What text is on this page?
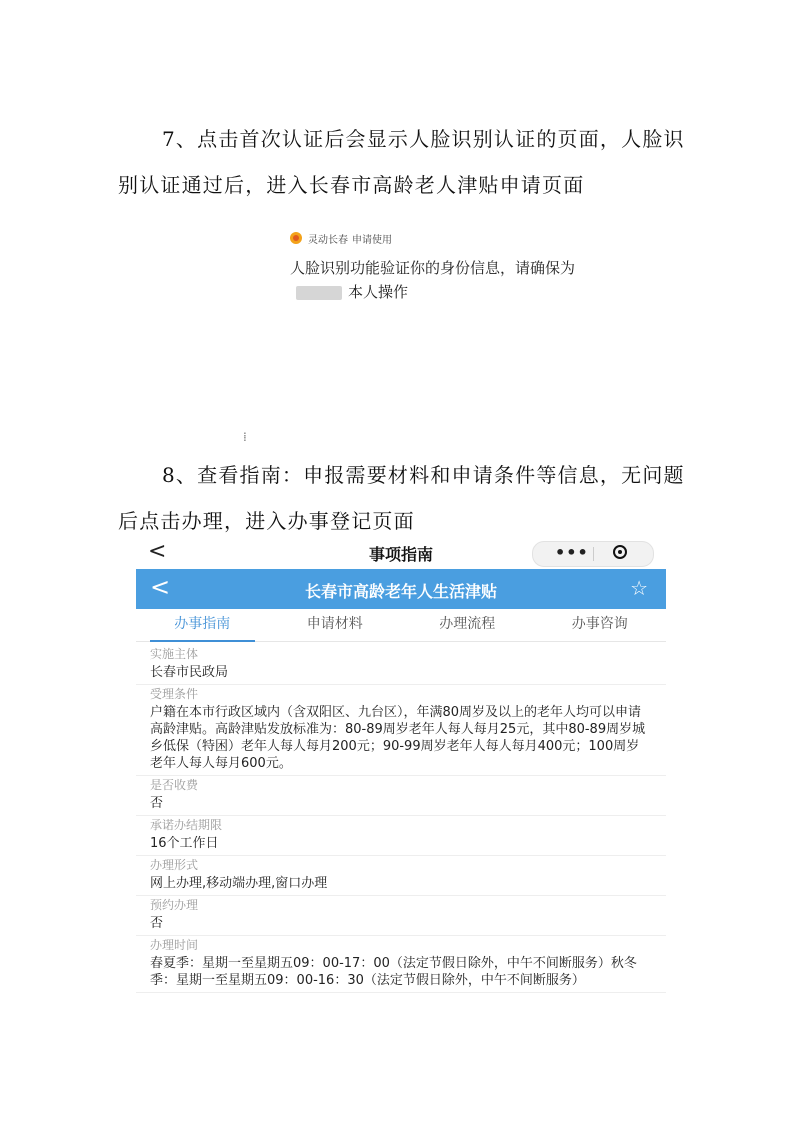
7、点击首次认证后会显示人脸识别认证的页面，人脸识别认证通过后，进入长春市高龄老人津贴申请页面

灵动长春 申请使用
人脸识别功能验证你的身份信息，请确保为本人操作
⁞

8、查看指南：申报需要材料和申请条件等信息，无问题后点击办理，进入办事登记页面

<	事项指南	•••
<	长春市高龄老年人生活津贴	☆
办事指南	申请材料	办理流程	办事咨询
实施主体
长春市民政局
受理条件
户籍在本市行政区域内（含双阳区、九台区），年满80周岁及以上的老年人均可以申请高龄津贴。高龄津贴发放标准为：80-89周岁老年人每人每月25元，其中80-89周岁城乡低保（特困）老年人每人每月200元；90-99周岁老年人每人每月400元；100周岁老年人每人每月600元。
是否收费
否
承诺办结期限
16个工作日
办理形式
网上办理,移动端办理,窗口办理
预约办理
否
办理时间
春夏季：星期一至星期五09：00-17：00（法定节假日除外，中午不间断服务）秋冬季：星期一至星期五09：00-16：30（法定节假日除外，中午不间断服务）
